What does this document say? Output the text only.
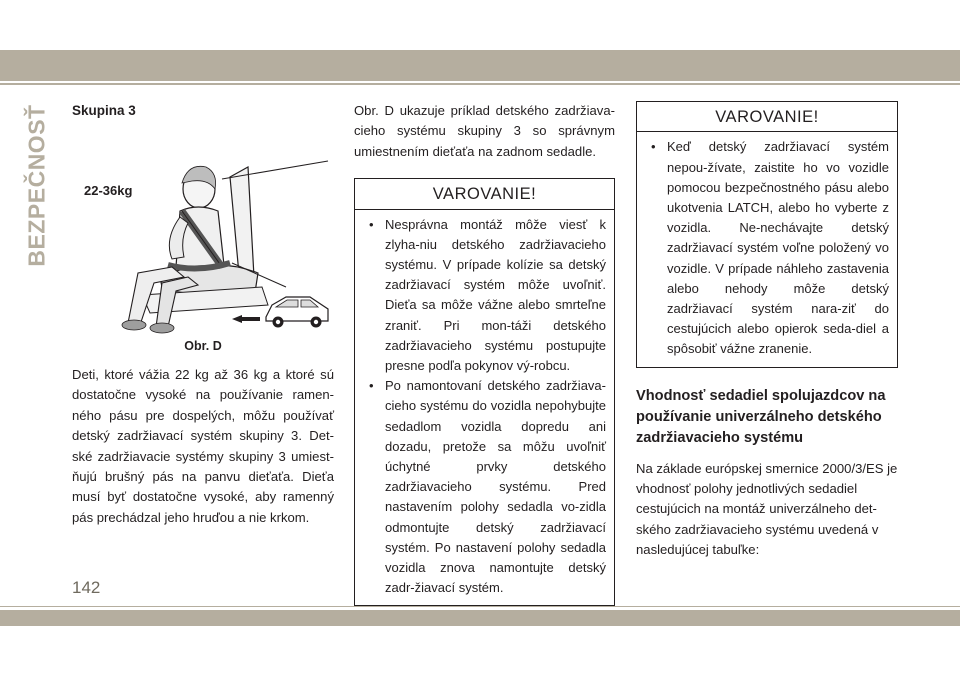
BEZPEČNOSŤ Skupina 3
22-36kg
Obr. D

Deti, ktoré vážia 22 kg až 36 kg a ktoré sú dostatočne vysoké na používanie ramen-ného pásu pre dospelých, môžu používať detský zadržiavací systém skupiny 3. Det-ské zadržiavacie systémy skupiny 3 umiest-ňujú brušný pás na panvu dieťaťa. Dieťa musí byť dostatočne vysoké, aby ramenný pás prechádzal jeho hruďou a nie krkom.

Obr. D ukazuje príklad detského zadržiava-cieho systému skupiny 3 so správnym umiestnením dieťaťa na zadnom sedadle.

VAROVANIE!
• Nesprávna montáž môže viesť k zlyha-niu detského zadržiavacieho systému. V prípade kolízie sa detský zadržiavací systém môže uvoľniť. Dieťa sa môže vážne alebo smrteľne zraniť. Pri mon-táži detského zadržiavacieho systému postupujte presne podľa pokynov vý-robcu.
• Po namontovaní detského zadržiava-cieho systému do vozidla nepohybujte sedadlom vozidla dopredu ani dozadu, pretože sa môžu uvoľniť úchytné prvky detského zadržiavacieho systému. Pred nastavením polohy sedadla vo-zidla odmontujte detský zadržiavací systém. Po nastavení polohy sedadla vozidla znova namontujte detský zadr-žiavací systém.
VAROVANIE!
• Keď detský zadržiavací systém nepou-žívate, zaistite ho vo vozidle pomocou bezpečnostného pásu alebo ukotvenia LATCH, alebo ho vyberte z vozidla. Ne-nechávajte detský zadržiavací systém voľne položený vo vozidle. V prípade náhleho zastavenia alebo nehody môže detský zadržiavací systém nara-ziť do cestujúcich alebo opierok seda-diel a spôsobiť vážne zranenie.
Vhodnosť sedadiel spolujazdcov na používanie univerzálneho detského zadržiavacieho systému

Na základe európskej smernice 2000/3/ES je vhodnosť polohy jednotlivých sedadiel cestujúcich na montáž univerzálneho det-ského zadržiavacieho systému uvedená v nasledujúcej tabuľke:

142
